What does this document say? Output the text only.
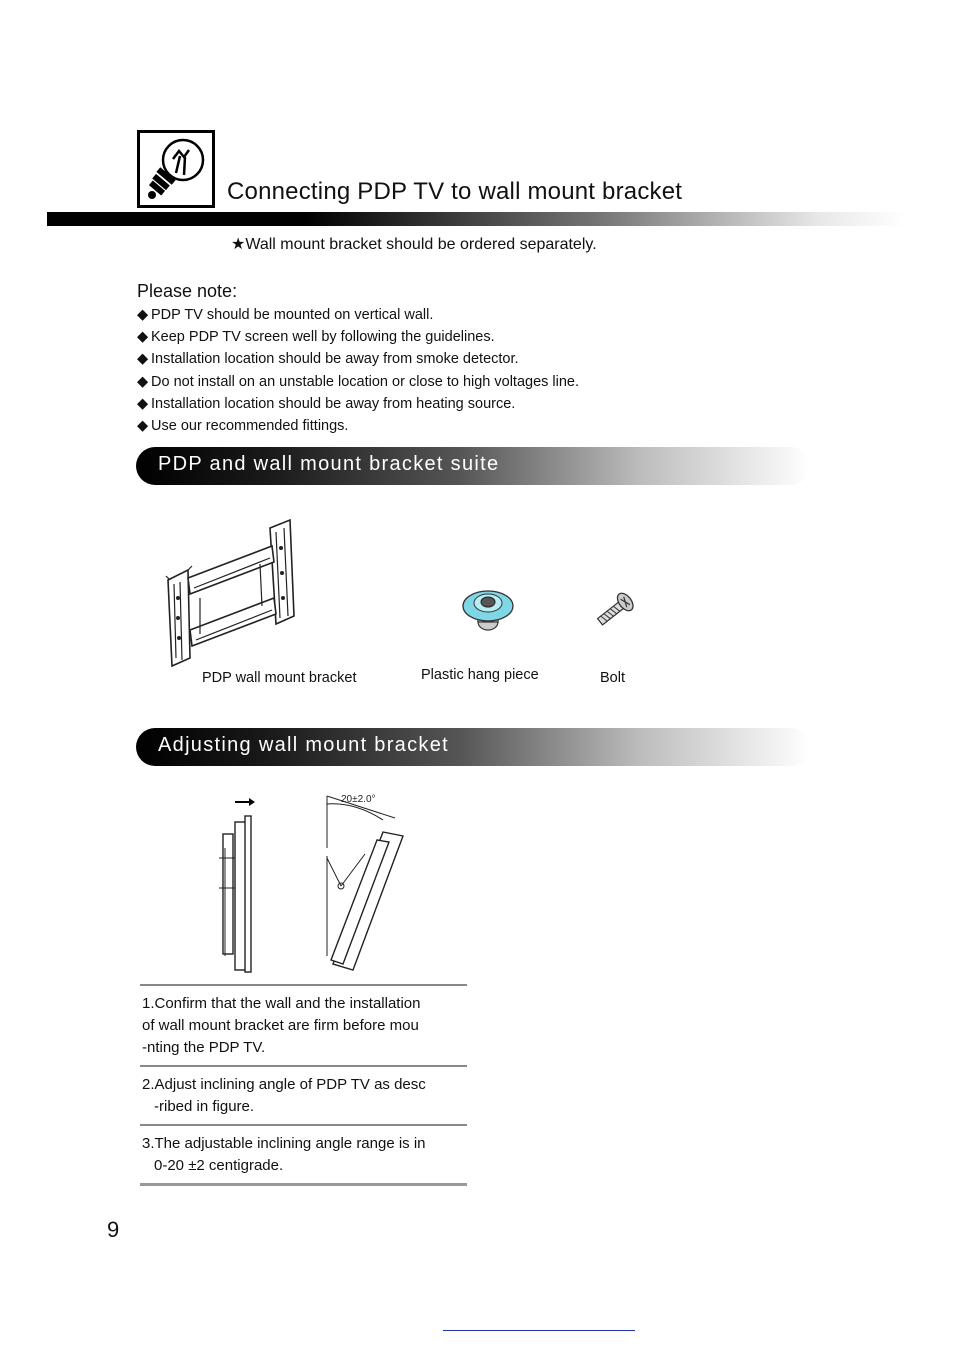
Connecting PDP TV to wall mount bracket
★Wall mount bracket should be ordered separately.
Please note:
◆ PDP TV should be mounted on vertical wall.
◆ Keep PDP TV screen well by following the guidelines.
◆ Installation location should be away from smoke detector.
◆ Do not install on an unstable location or close to high voltages line.
◆ Installation location should be away from heating source.
◆ Use our recommended fittings.
PDP and wall mount bracket suite
PDP wall mount bracket	Plastic hang piece	Bolt
Adjusting wall mount bracket
20±2.0°
1.Confirm that the wall and the installation
of wall mount bracket are firm before mou
-nting the PDP TV.
2.Adjust inclining angle of PDP TV as desc
-ribed in figure.
3.The adjustable inclining angle range is in
0-20 ±2 centigrade.
9
